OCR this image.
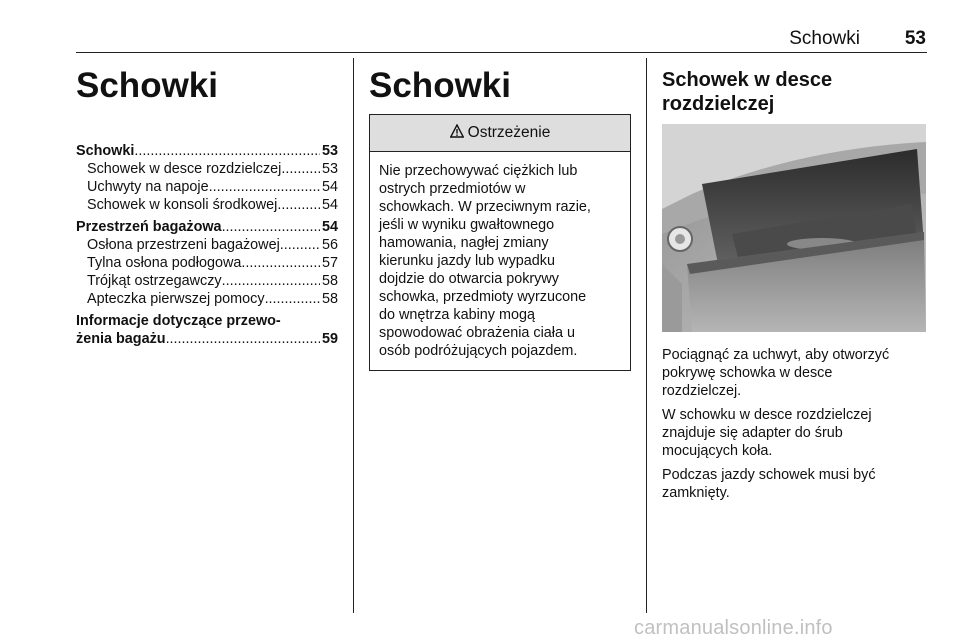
Schowki	53
Schowki
Schowki .....	53
Schowek w desce rozdzielczej .....	53
Uchwyty na napoje .....	54
Schowek w konsoli środkowej .....	54
Przestrzeń bagażowa .....	54
Osłona przestrzeni bagażowej .....	56
Tylna osłona podłogowa .....	57
Trójkąt ostrzegawczy .....	58
Apteczka pierwszej pomocy .....	58
Informacje dotyczące przewo-
żenia bagażu .....	59
Schowki
Ostrzeżenie
Nie przechowywać ciężkich lub
ostrych przedmiotów w
schowkach. W przeciwnym razie,
jeśli w wyniku gwałtownego
hamowania, nagłej zmiany
kierunku jazdy lub wypadku
dojdzie do otwarcia pokrywy
schowka, przedmioty wyrzucone
do wnętrza kabiny mogą
spowodować obrażenia ciała u
osób podróżujących pojazdem.
Schowek w desce
rozdzielczej
Pociągnąć za uchwyt, aby otworzyć
pokrywę schowka w desce
rozdzielczej.
W schowku w desce rozdzielczej
znajduje się adapter do śrub
mocujących koła.
Podczas jazdy schowek musi być
zamknięty.
carmanualsonline.info
